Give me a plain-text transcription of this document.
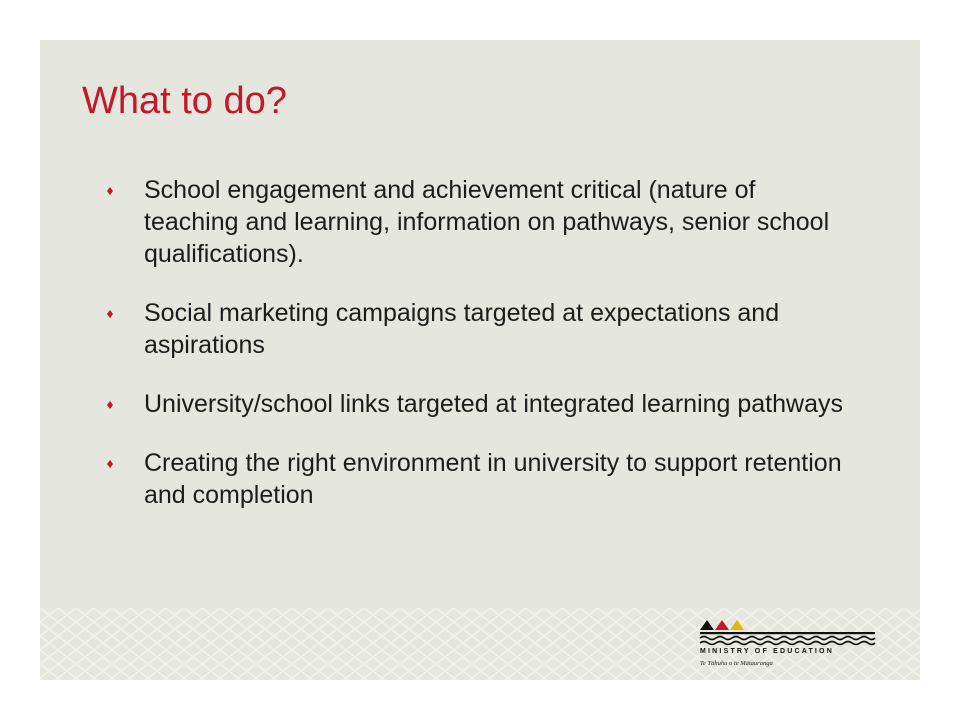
What to do?
School engagement and achievement critical (nature of teaching and learning, information on pathways, senior school qualifications).
Social marketing campaigns targeted at expectations and aspirations
University/school links targeted at integrated learning pathways
Creating the right environment in university to support retention and completion
MINISTRY OF EDUCATION
Te Tāhuhu o te Mātauranga
